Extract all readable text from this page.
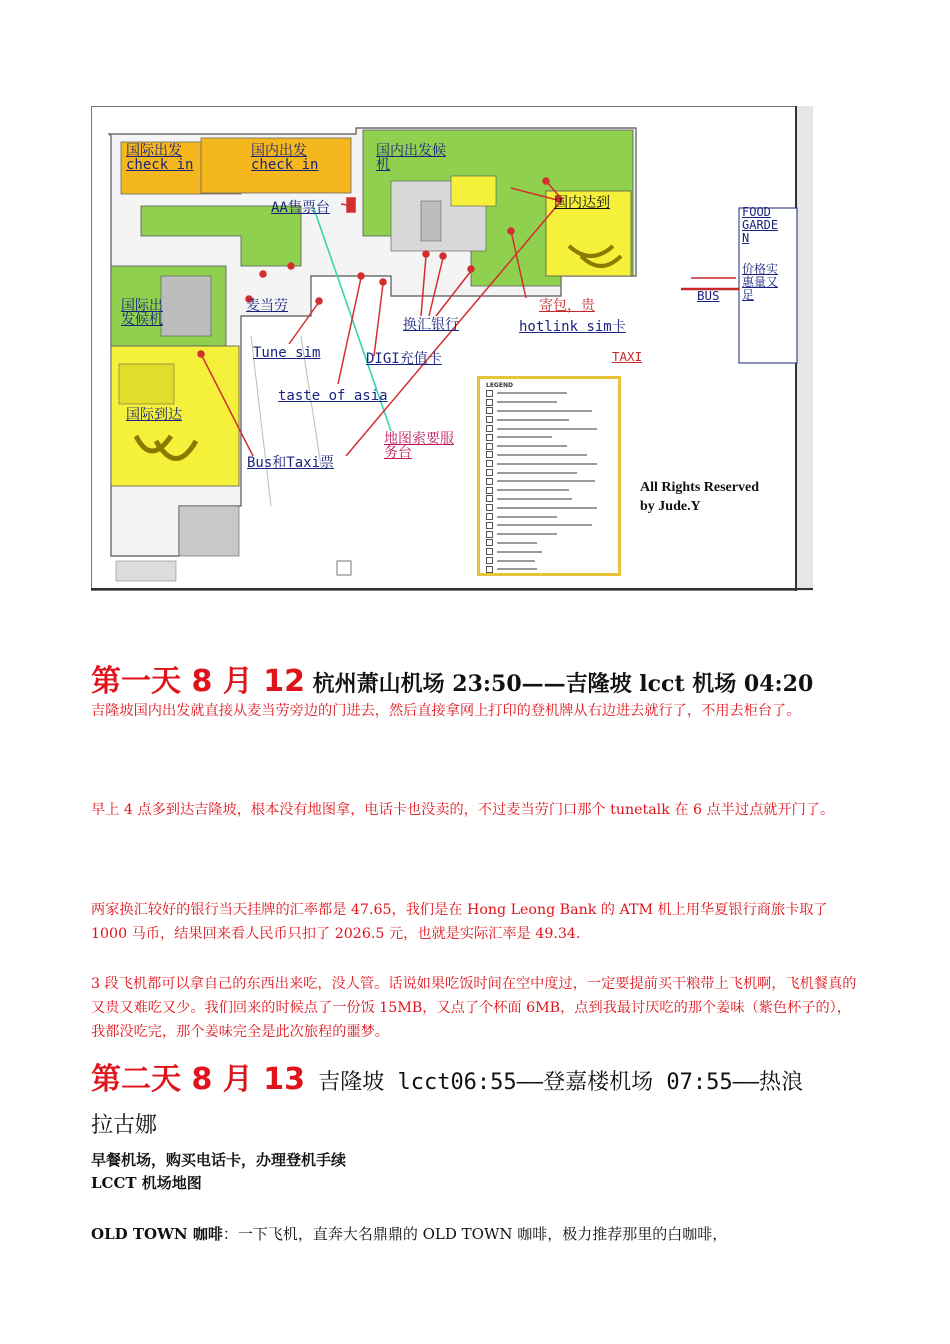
国际出发
check in
国内出发
check in
国内出发候
机
AA售票台	国内达到
麦当劳
国际出
发候机
Tune sim	DIGI充值卡
换汇银行
寄包，贵
hotlink sim卡
国际到达
taste of asia
地图索要服
务台
Bus和Taxi票
FOOD
GARDE
N
价格实
惠量又
足
BUS
TAXI
LEGEND
All Rights Reserved
by Jude.Y
第一天 8 月 12 杭州萧山机场 23:50——吉隆坡 lcct 机场 04:20
吉隆坡国内出发就直接从麦当劳旁边的门进去，然后直接拿网上打印的登机牌从右边进去就行了，不用去柜台了。
早上 4 点多到达吉隆坡，根本没有地图拿，电话卡也没卖的，不过麦当劳门口那个 tunetalk 在 6 点半过点就开门了。
两家换汇较好的银行当天挂牌的汇率都是 47.65，我们是在 Hong Leong Bank 的 ATM 机上用华夏银行商旅卡取了 1000 马币，结果回来看人民币只扣了 2026.5 元，也就是实际汇率是 49.34.
3 段飞机都可以拿自己的东西出来吃，没人管。话说如果吃饭时间在空中度过，一定要提前买干粮带上飞机啊，飞机餐真的又贵又难吃又少。我们回来的时候点了一份饭 15MB，又点了个杯面 6MB，点到我最讨厌吃的那个姜味（紫色杯子的），我都没吃完，那个姜味完全是此次旅程的噩梦。
第二天 8 月 13 吉隆坡 lcct06:55——登嘉楼机场 07:55——热浪
拉古娜
早餐机场，购买电话卡，办理登机手续
LCCT 机场地图
OLD TOWN 咖啡：一下飞机，直奔大名鼎鼎的 OLD TOWN 咖啡，极力推荐那里的白咖啡，
